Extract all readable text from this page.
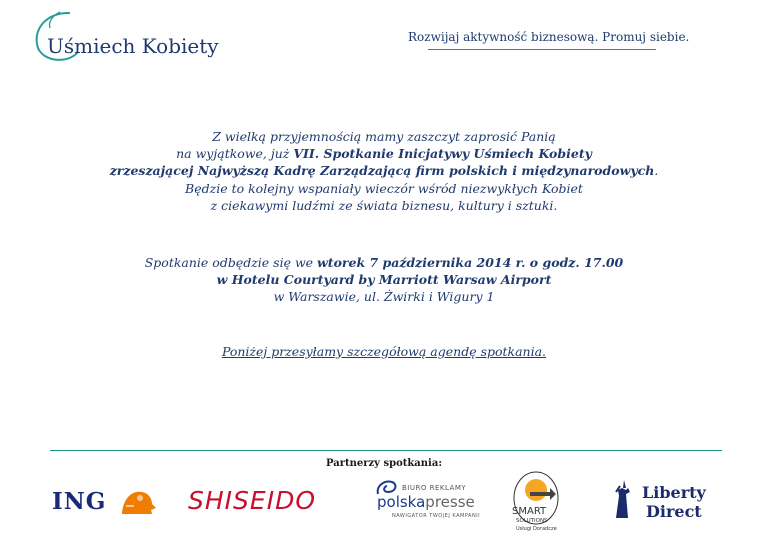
Uśmiech Kobiety	Rozwijaj aktywność biznesową. Promuj siebie.

Z wielką przyjemnością mamy zaszczyt zaprosić Panią

na wyjątkowe, już VII. Spotkanie Inicjatywy Uśmiech Kobiety

zrzeszającej Najwyższą Kadrę Zarządzającą firm polskich i międzynarodowych.

Będzie to kolejny wspaniały wieczór wśród niezwykłych Kobiet

z ciekawymi ludźmi ze świata biznesu, kultury i sztuki.

Spotkanie odbędzie się we wtorek 7 października 2014 r. o godz. 17.00

w Hotelu Courtyard by Marriott Warsaw Airport

w Warszawie, ul. Żwirki i Wigury 1

Poniżej przesyłamy szczegółową agendę spotkania.

Partnerzy spotkania:
ING	SHISEIDO	BIURO REKLAMY
polskapresse
NAWIGATOR TWOJEJ KAMPANII	SMART
SOLUTIONS
Usługi Doradcze
Liberty
Direct
